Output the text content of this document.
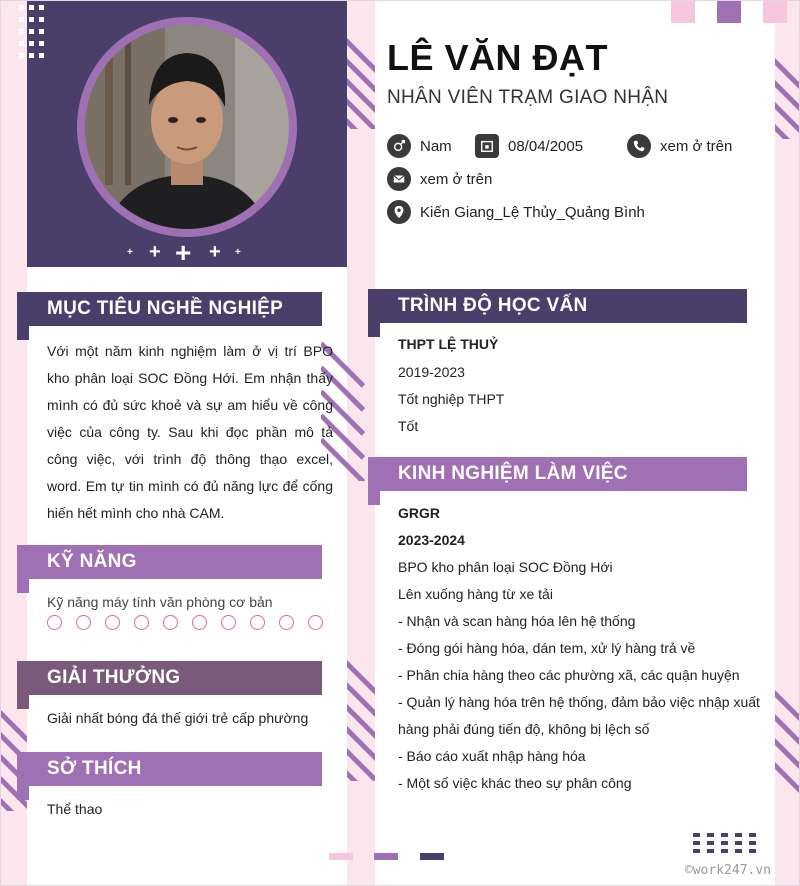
+ + + + +
LÊ VĂN ĐẠT
NHÂN VIÊN TRẠM GIAO NHẬN
Nam	08/04/2005	xem ở trên
xem ở trên
Kiến Giang_Lệ Thủy_Quảng Bình
MỤC TIÊU NGHỀ NGHIỆP
Với một năm kinh nghiệm làm ở vị trí BPO kho phân loại SOC Đồng Hới. Em nhận thấy mình có đủ sức khoẻ và sự am hiểu về công việc của công ty. Sau khi đọc phần mô tả công việc, với trình độ thông thạo excel, word. Em tự tin mình có đủ năng lực để cống hiến hết mình cho nhà CAM.
KỸ NĂNG
Kỹ năng máy tính văn phòng cơ bản
GIẢI THƯỞNG
Giải nhất bóng đá thế giới trẻ cấp phường
SỞ THÍCH
Thể thao
TRÌNH ĐỘ HỌC VẤN
THPT LỆ THUỶ
2019-2023
Tốt nghiệp THPT
Tốt
KINH NGHIỆM LÀM VIỆC
GRGR
2023-2024
BPO kho phân loại SOC Đồng Hới
Lên xuống hàng từ xe tải
- Nhận và scan hàng hóa lên hệ thống
- Đóng gói hàng hóa, dán tem, xử lý hàng trả về
- Phân chia hàng theo các phường xã, các quận huyện
- Quản lý hàng hóa trên hệ thống, đảm bảo việc nhập xuất
hàng phải đúng tiến độ, không bị lệch số
- Báo cáo xuất nhập hàng hóa
- Một số việc khác theo sự phân công
©work247.vn
